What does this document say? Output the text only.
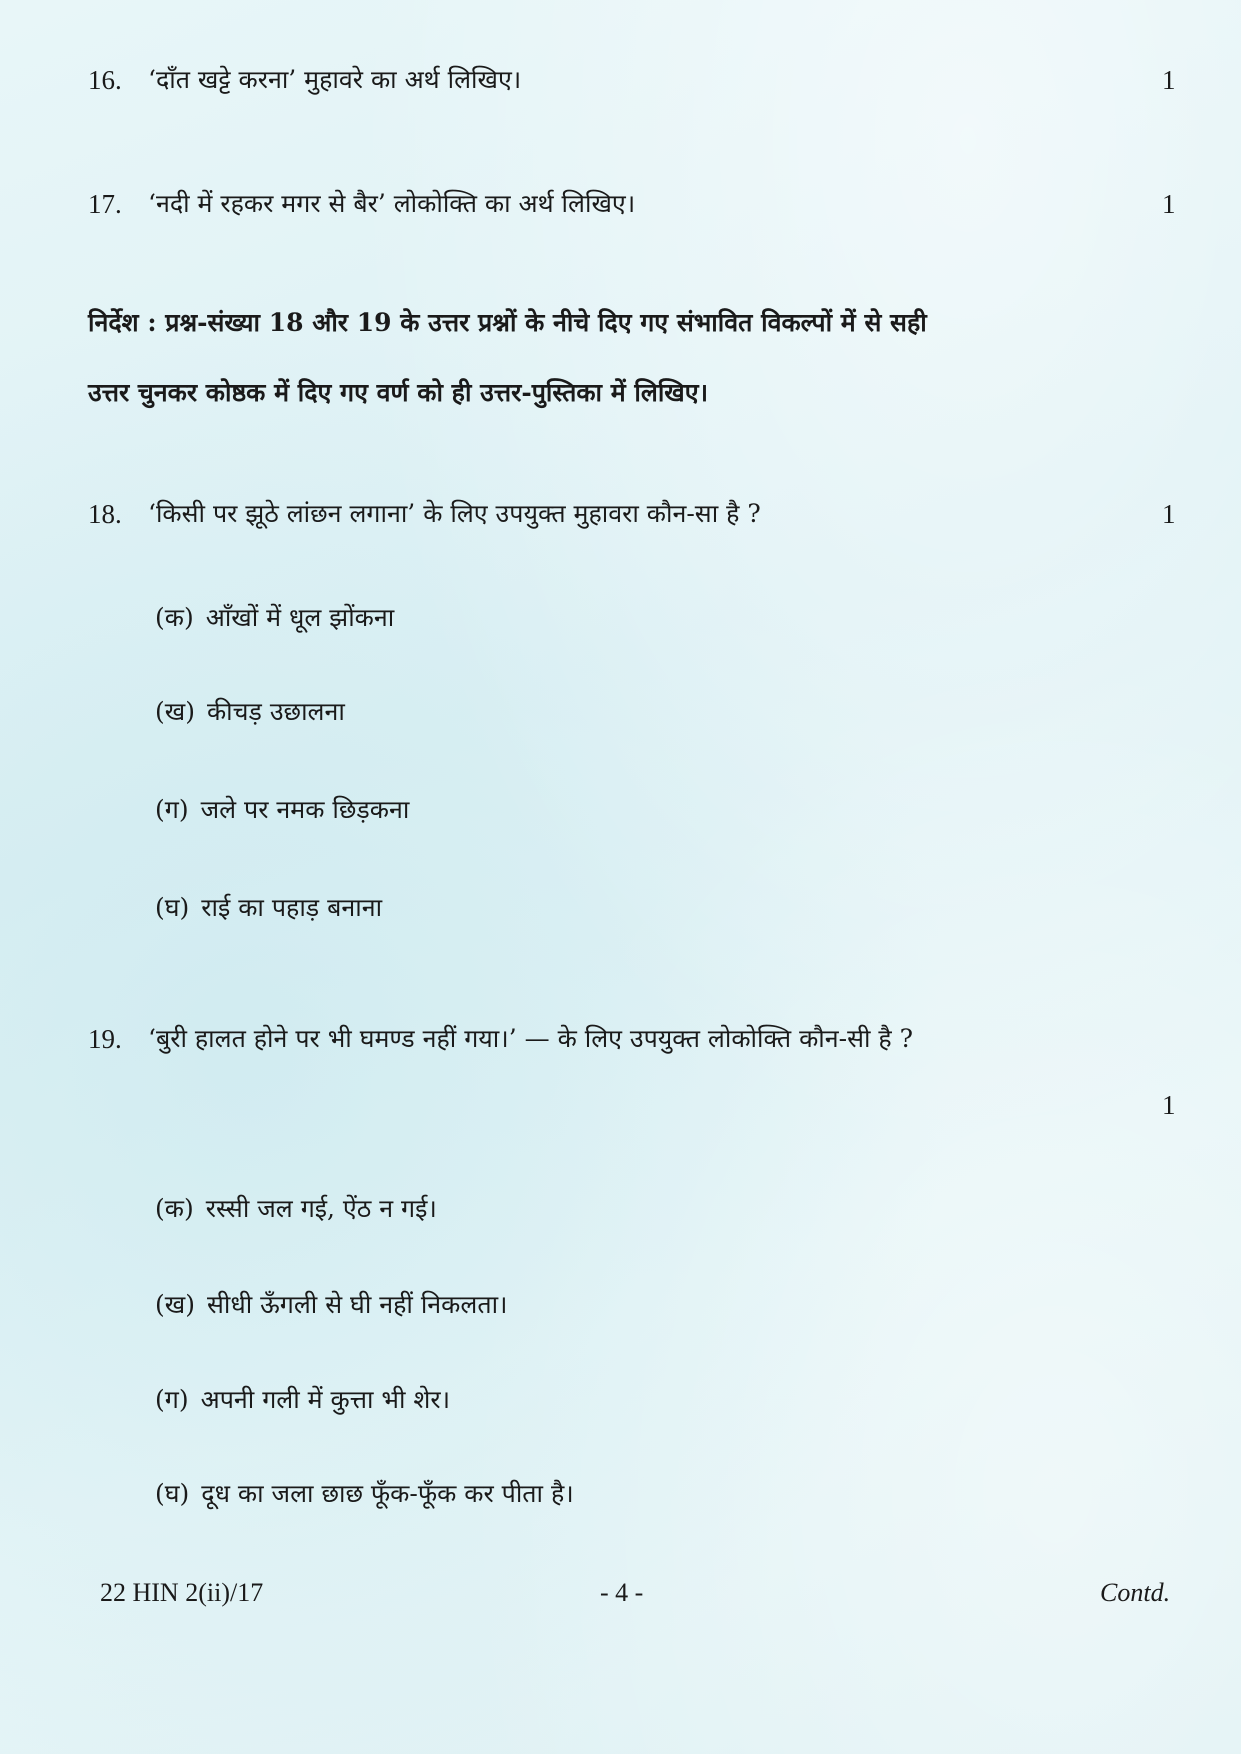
16. ‘दाँत खट्टे करना’ मुहावरे का अर्थ लिखिए।	1
17. ‘नदी में रहकर मगर से बैर’ लोकोक्ति का अर्थ लिखिए।	1
निर्देश : प्रश्न-संख्या 18 और 19 के उत्तर प्रश्नों के नीचे दिए गए संभावित विकल्पों में से सही
उत्तर चुनकर कोष्ठक में दिए गए वर्ण को ही उत्तर-पुस्तिका में लिखिए।
18. ‘किसी पर झूठे लांछन लगाना’ के लिए उपयुक्त मुहावरा कौन-सा है ?	1
(क) आँखों में धूल झोंकना
(ख) कीचड़ उछालना
(ग) जले पर नमक छिड़कना
(घ) राई का पहाड़ बनाना
19. ‘बुरी हालत होने पर भी घमण्ड नहीं गया।’ — के लिए उपयुक्त लोकोक्ति कौन-सी है ?
1
(क) रस्सी जल गई, ऐंठ न गई।
(ख) सीधी ऊँगली से घी नहीं निकलता।
(ग) अपनी गली में कुत्ता भी शेर।
(घ) दूध का जला छाछ फूँक-फूँक कर पीता है।
22 HIN 2(ii)/17	- 4 -	Contd.
